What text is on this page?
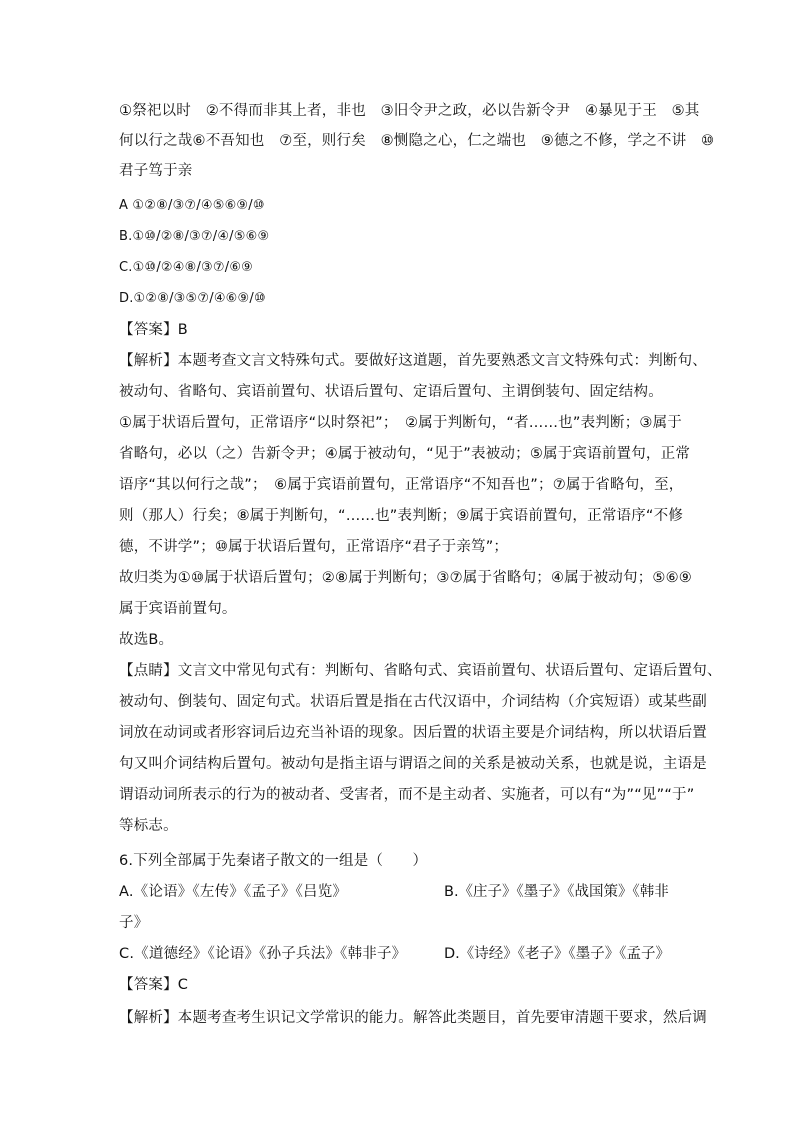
①祭祀以时　②不得而非其上者，非也　③旧令尹之政，必以告新令尹　④暴见于王　⑤其
何以行之哉⑥不吾知也　⑦至，则行矣　⑧恻隐之心，仁之端也　⑨德之不修，学之不讲　⑩
君子笃于亲
A ①②⑧/③⑦/④⑤⑥⑨/⑩
B.①⑩/②⑧/③⑦/④/⑤⑥⑨
C.①⑩/②④⑧/③⑦/⑥⑨
D.①②⑧/③⑤⑦/④⑥⑨/⑩
【答案】B
【解析】本题考查文言文特殊句式。要做好这道题，首先要熟悉文言文特殊句式：判断句、
被动句、省略句、宾语前置句、状语后置句、定语后置句、主谓倒装句、固定结构。
①属于状语后置句，正常语序“以时祭祀”；　②属于判断句，“者……也”表判断；③属于
省略句，必以（之）告新令尹；④属于被动句，“见于”表被动；⑤属于宾语前置句，正常
语序“其以何行之哉”；　⑥属于宾语前置句，正常语序“不知吾也”；⑦属于省略句，至，
则（那人）行矣；⑧属于判断句，“……也”表判断；⑨属于宾语前置句，正常语序“不修
德，不讲学”；⑩属于状语后置句，正常语序“君子于亲笃”；
故归类为①⑩属于状语后置句；②⑧属于判断句；③⑦属于省略句；④属于被动句；⑤⑥⑨
属于宾语前置句。
故选B。
【点睛】文言文中常见句式有：判断句、省略句式、宾语前置句、状语后置句、定语后置句、
被动句、倒装句、固定句式。状语后置是指在古代汉语中，介词结构（介宾短语）或某些副
词放在动词或者形容词后边充当补语的现象。因后置的状语主要是介词结构，所以状语后置
句又叫介词结构后置句。被动句是指主语与谓语之间的关系是被动关系，也就是说，主语是
谓语动词所表示的行为的被动者、受害者，而不是主动者、实施者，可以有“为”“见”“于”
等标志。
6.下列全部属于先秦诸子散文的一组是（　　）
A.《论语》《左传》《孟子》《吕览》	B.《庄子》《墨子》《战国策》《韩非
子》
C.《道德经》《论语》《孙子兵法》《韩非子》	D.《诗经》《老子》《墨子》《孟子》
【答案】C
【解析】本题考查考生识记文学常识的能力。解答此类题目，首先要审清题干要求，然后调
